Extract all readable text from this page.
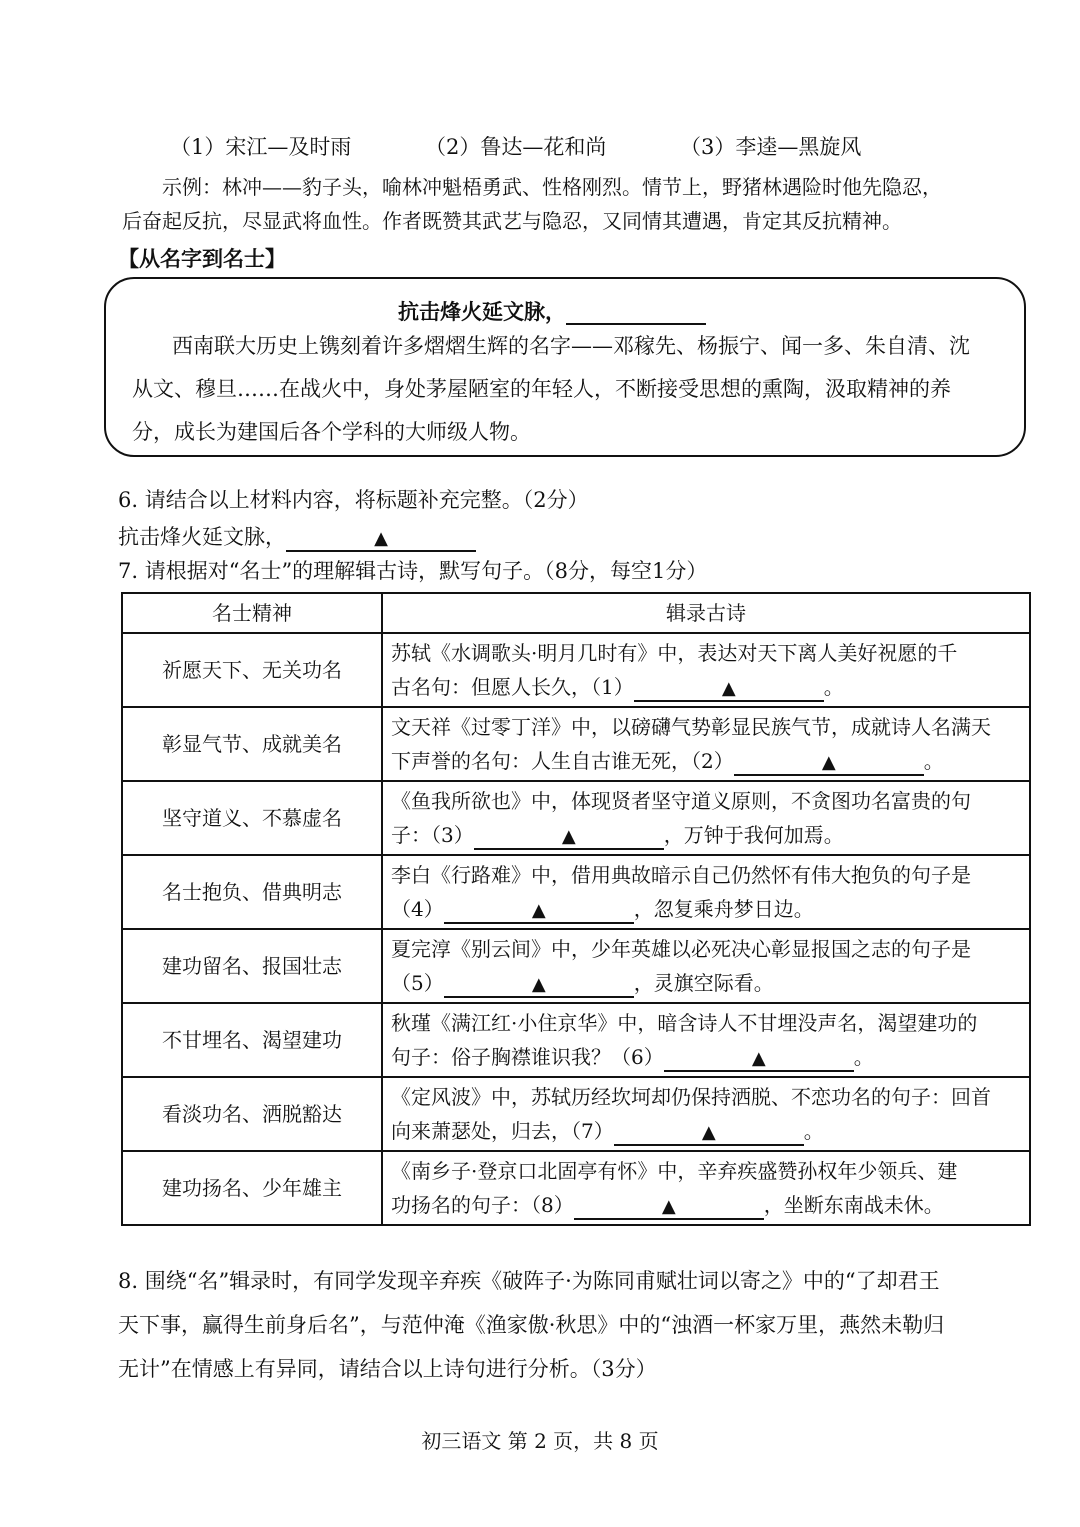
（1）宋江—及时雨	（2）鲁达—花和尚	（3）李逵—黑旋风
示例：林冲——豹子头，喻林冲魁梧勇武、性格刚烈。情节上，野猪林遇险时他先隐忍，
后奋起反抗，尽显武将血性。作者既赞其武艺与隐忍，又同情其遭遇，肯定其反抗精神。
【从名字到名士】
抗击烽火延文脉，
西南联大历史上镌刻着许多熠熠生辉的名字——邓稼先、杨振宁、闻一多、朱自清、沈
从文、穆旦……在战火中，身处茅屋陋室的年轻人，不断接受思想的熏陶，汲取精神的养
分，成长为建国后各个学科的大师级人物。
6. 请结合以上材料内容，将标题补充完整。（2分）
抗击烽火延文脉，	▲
7. 请根据对“名士”的理解辑古诗，默写句子。（8分，每空1分）
名士精神	辑录古诗
祈愿天下、无关功名	苏轼《水调歌头·明月几时有》中，表达对天下离人美好祝愿的千
古名句：但愿人长久，（1） ▲ 。

彰显气节、成就美名	文天祥《过零丁洋》中，以磅礴气势彰显民族气节，成就诗人名满天
下声誉的名句：人生自古谁无死，（2） ▲ 。

坚守道义、不慕虚名	《鱼我所欲也》中，体现贤者坚守道义原则，不贪图功名富贵的句
子：（3） ▲ ，万钟于我何加焉。

名士抱负、借典明志	李白《行路难》中，借用典故暗示自己仍然怀有伟大抱负的句子是
（4） ▲ ，忽复乘舟梦日边。

建功留名、报国壮志	夏完淳《别云间》中，少年英雄以必死决心彰显报国之志的句子是
（5） ▲ ，灵旗空际看。

不甘埋名、渴望建功	秋瑾《满江红·小住京华》中，暗含诗人不甘埋没声名，渴望建功的
句子：俗子胸襟谁识我？（6） ▲ 。

看淡功名、洒脱豁达	《定风波》中，苏轼历经坎坷却仍保持洒脱、不恋功名的句子：回首
向来萧瑟处，归去，（7） ▲ 。

建功扬名、少年雄主	《南乡子·登京口北固亭有怀》中，辛弃疾盛赞孙权年少领兵、建
功扬名的句子：（8） ▲ ，坐断东南战未休。
8. 围绕“名”辑录时，有同学发现辛弃疾《破阵子·为陈同甫赋壮词以寄之》中的“了却君王
天下事，赢得生前身后名”，与范仲淹《渔家傲·秋思》中的“浊酒一杯家万里，燕然未勒归
无计”在情感上有异同，请结合以上诗句进行分析。（3分）
初三语文 第 2 页，共 8 页
